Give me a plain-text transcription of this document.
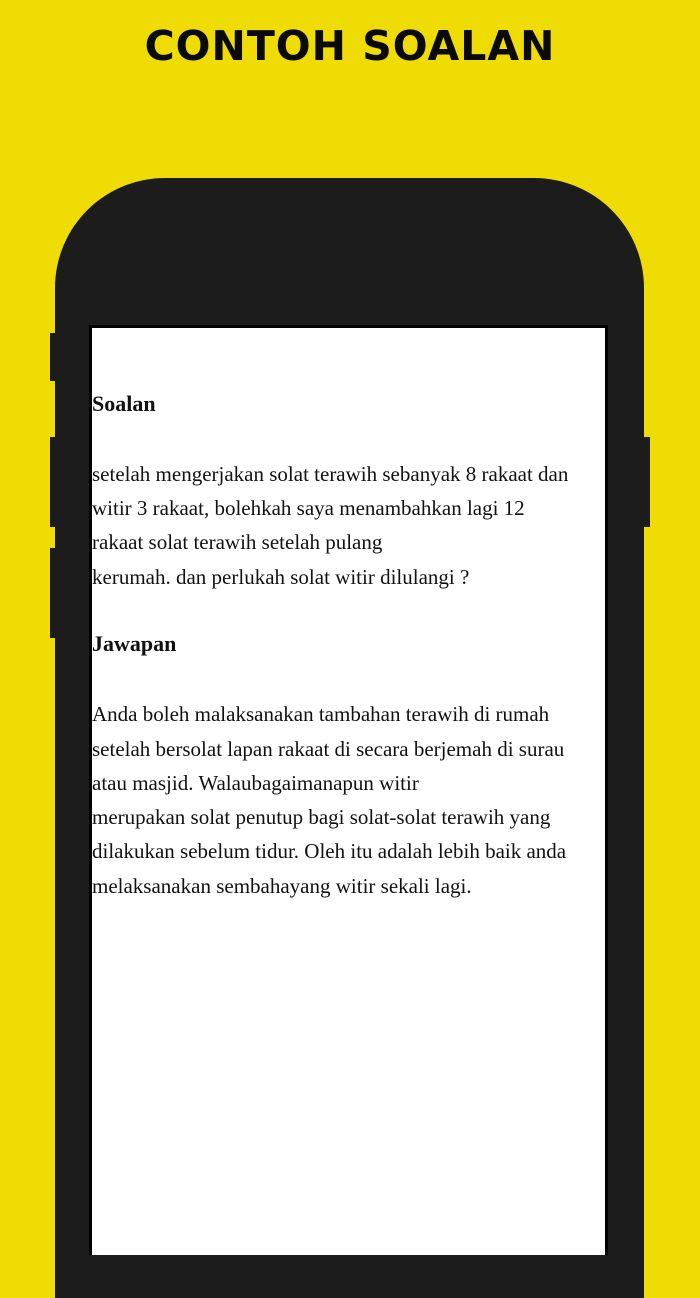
CONTOH SOALAN

Soalan

setelah mengerjakan solat terawih sebanyak 8 rakaat dan

witir 3 rakaat, bolehkah saya menambahkan lagi 12

rakaat solat terawih setelah pulang

kerumah. dan perlukah solat witir dilulangi ?

Jawapan

Anda boleh malaksanakan tambahan terawih di rumah

setelah bersolat lapan rakaat di secara berjemah di surau

atau masjid. Walaubagaimanapun witir

merupakan solat penutup bagi solat-solat terawih yang

dilakukan sebelum tidur. Oleh itu adalah lebih baik anda

melaksanakan sembahayang witir sekali lagi.
